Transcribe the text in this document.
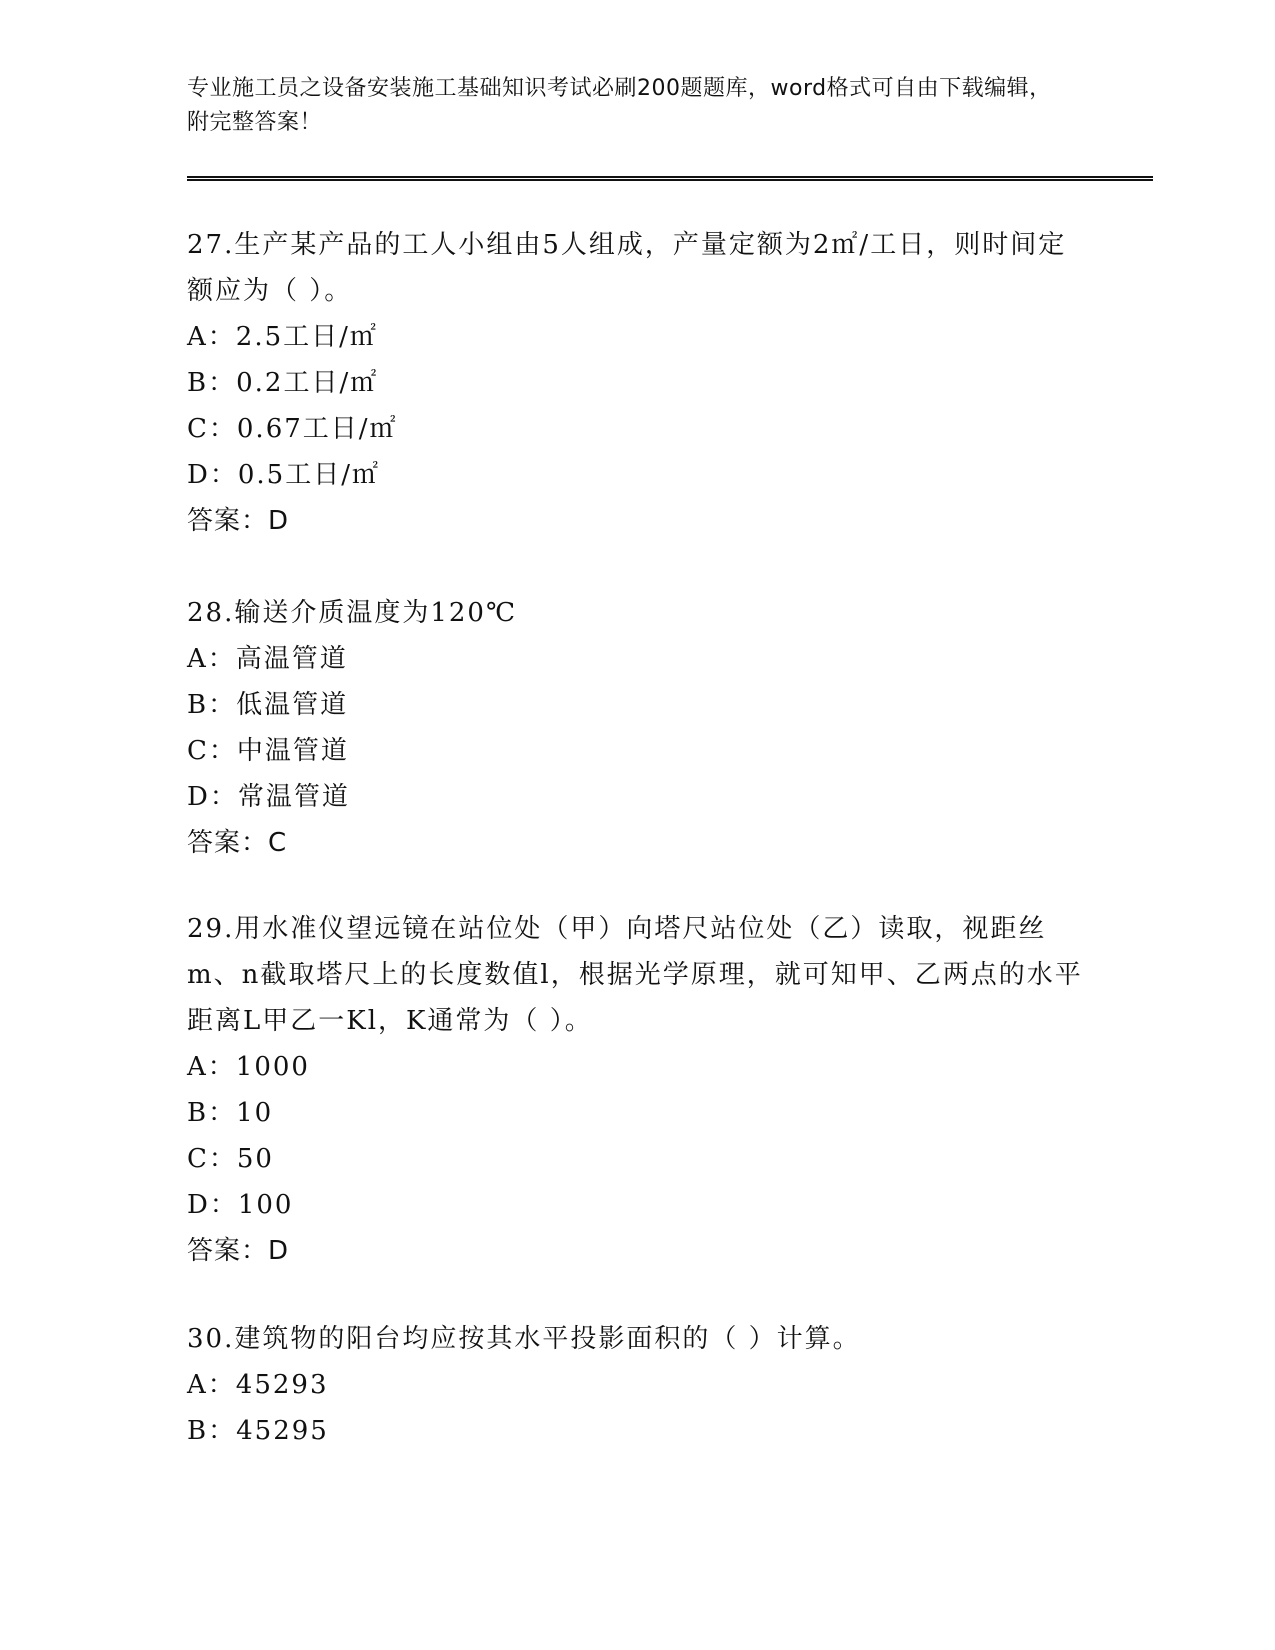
专业施工员之设备安装施工基础知识考试必刷200题题库，word格式可自由下载编辑，附完整答案！

27.生产某产品的工人小组由5人组成，产量定额为2㎡/工日，则时间定额应为（ ）。

A：2.5工日/㎡

B：0.2工日/㎡

C：0.67工日/㎡

D：0.5工日/㎡

答案：D

28.输送介质温度为120℃

A：高温管道

B：低温管道

C：中温管道

D：常温管道

答案：C

29.用水准仪望远镜在站位处（甲）向塔尺站位处（乙）读取，视距丝m、n截取塔尺上的长度数值l，根据光学原理，就可知甲、乙两点的水平距离L甲乙一Kl，K通常为（ ）。

A：1000

B：10

C：50

D：100

答案：D

30.建筑物的阳台均应按其水平投影面积的（ ）计算。

A：45293

B：45295
